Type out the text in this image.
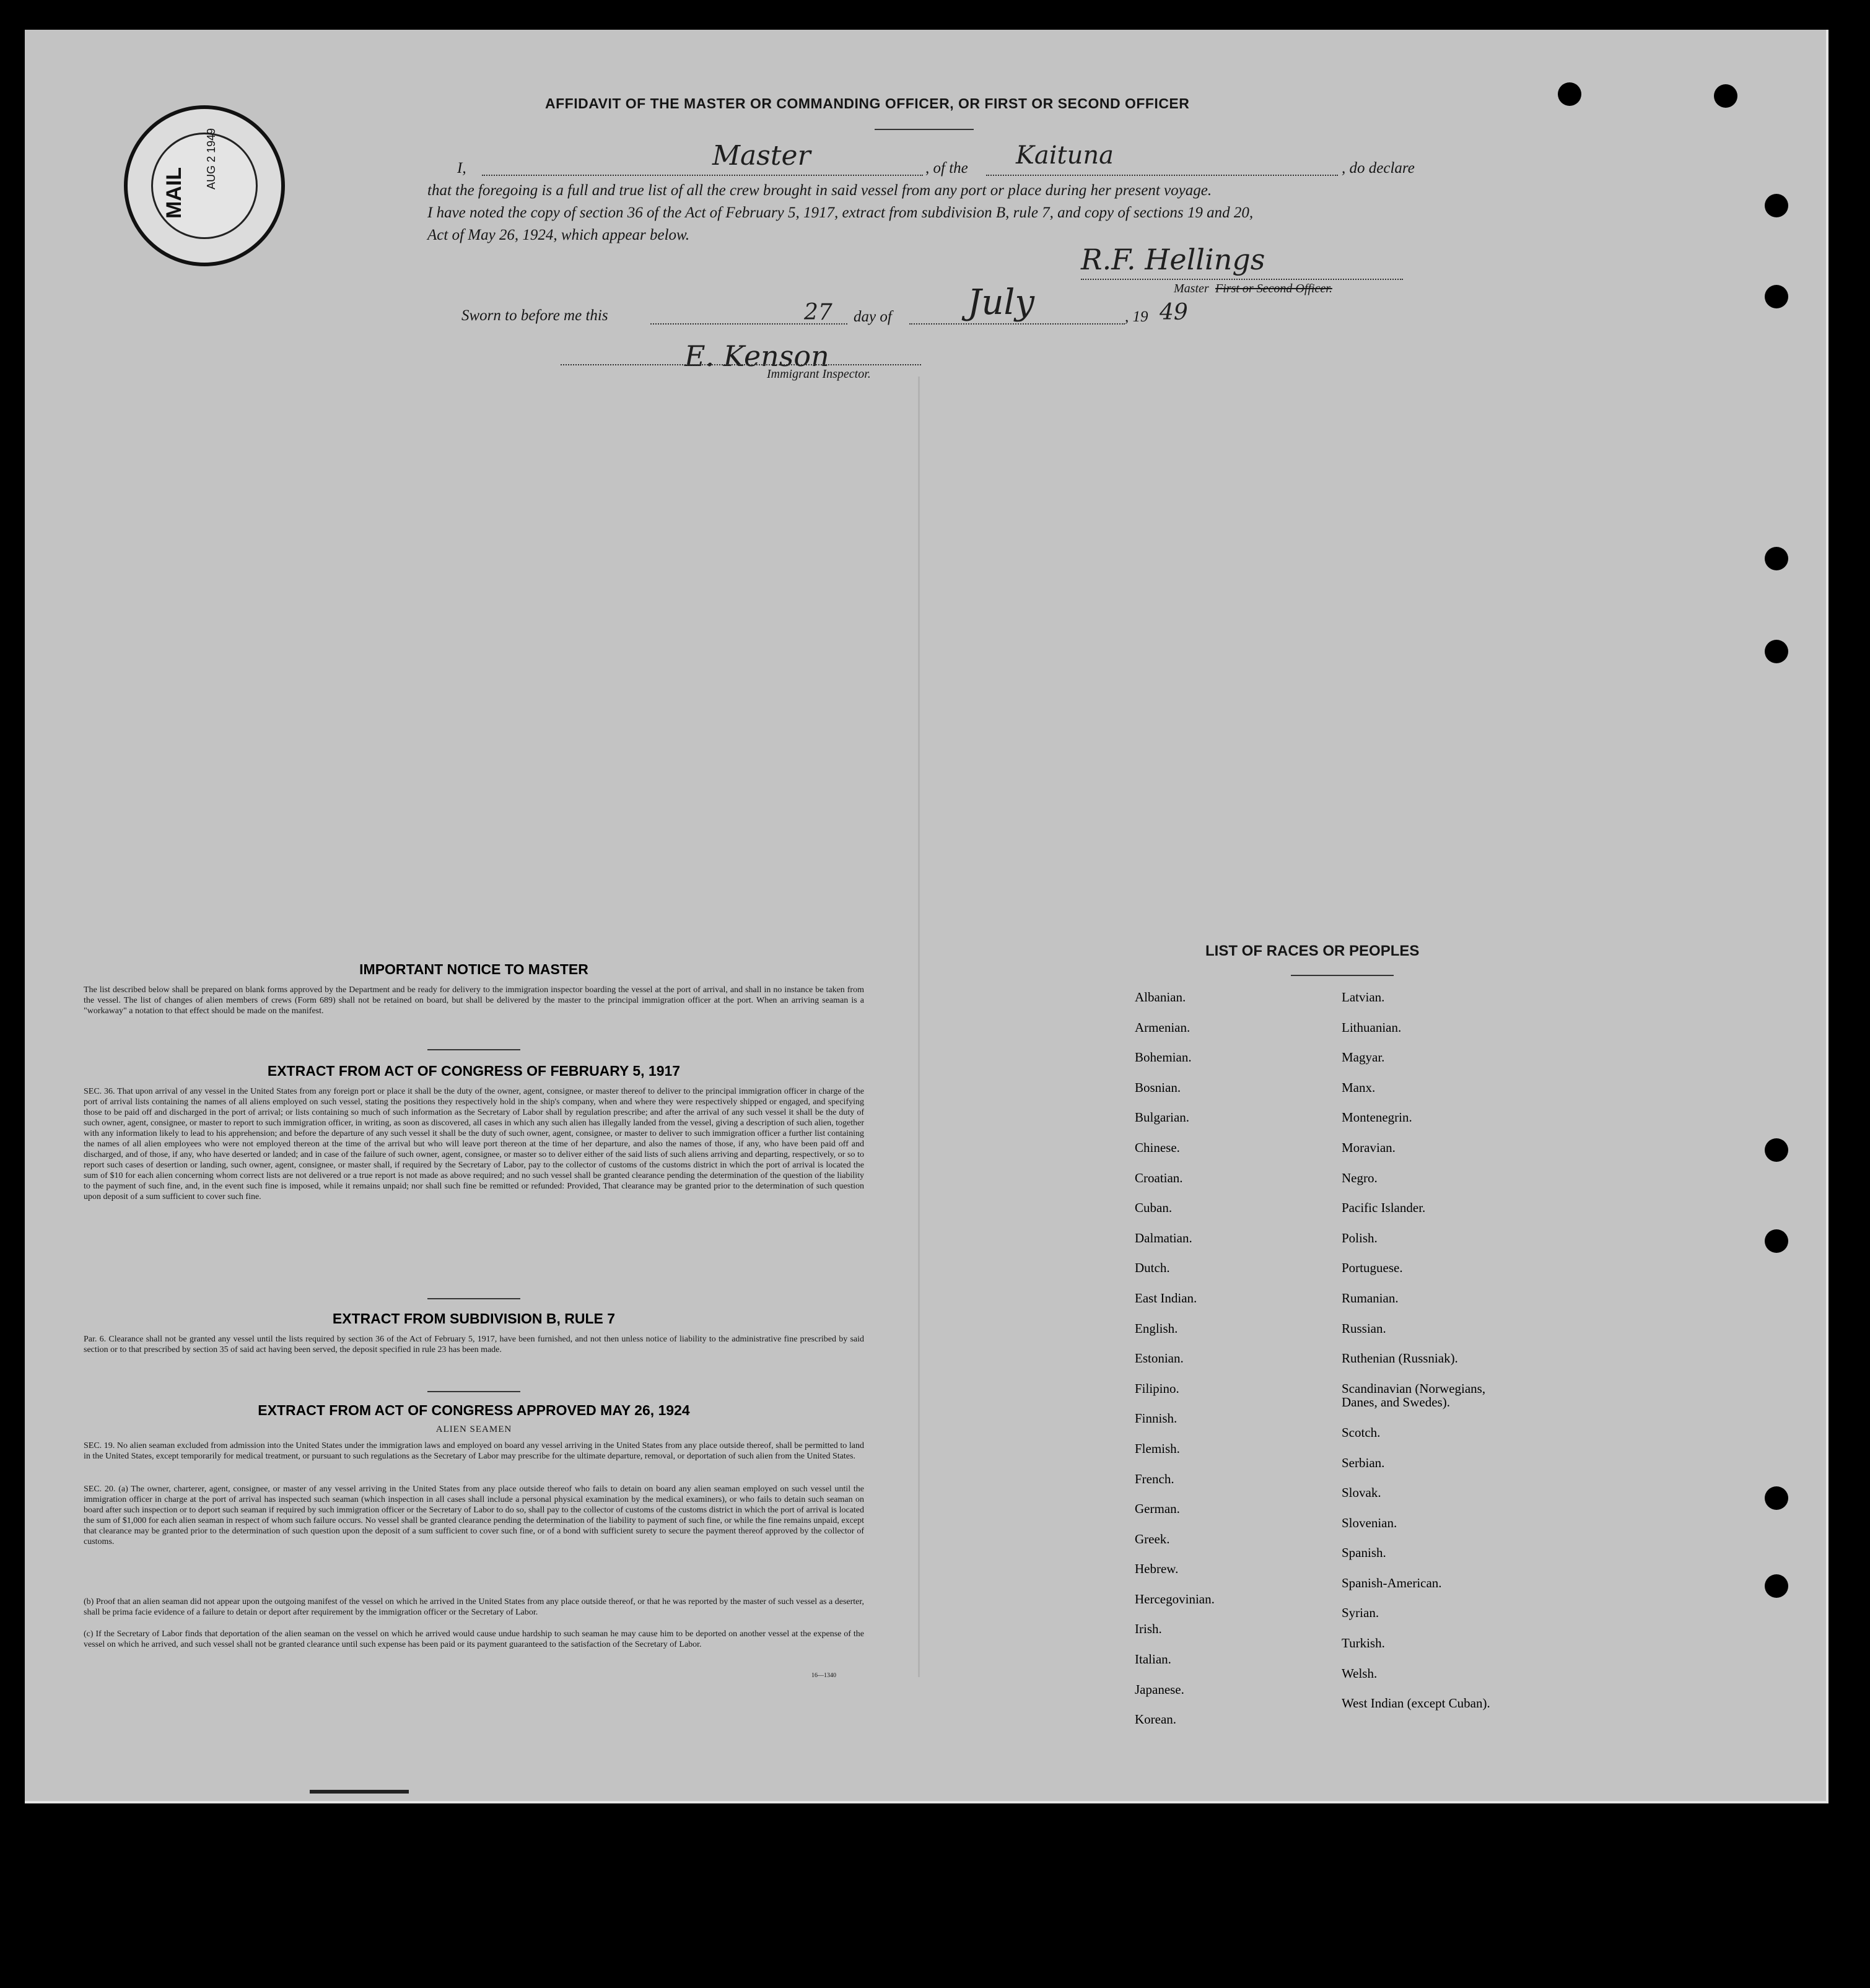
MAIL
AUG 2 1949
AFFIDAVIT OF THE MASTER OR COMMANDING OFFICER, OR FIRST OR SECOND OFFICER
I,	Master	, of the Kaituna	, do declare
that the foregoing is a full and true list of all the crew brought in said vessel from any port or place during her present voyage.
I have noted the copy of section 36 of the Act of February 5, 1917, extract from subdivision B, rule 7, and copy of sections 19 and 20,
Act of May 26, 1924, which appear below.
R.F. Hellings
Master First or Second Officer.
Sworn to before me this	27 day of July	, 19 49
E. Kenson
Immigrant Inspector.
IMPORTANT NOTICE TO MASTER
The list described below shall be prepared on blank forms approved by the Department and be ready for delivery to the immigration inspector boarding the vessel at the port of arrival, and shall in no instance be taken from the vessel. The list of changes of alien members of crews (Form 689) shall not be retained on board, but shall be delivered by the master to the principal immigration officer at the port. When an arriving seaman is a "workaway" a notation to that effect should be made on the manifest.
EXTRACT FROM ACT OF CONGRESS OF FEBRUARY 5, 1917
SEC. 36. That upon arrival of any vessel in the United States from any foreign port or place it shall be the duty of the owner, agent, consignee, or master thereof to deliver to the principal immigration officer in charge of the port of arrival lists containing the names of all aliens employed on such vessel, stating the positions they respectively hold in the ship's company, when and where they were respectively shipped or engaged, and specifying those to be paid off and discharged in the port of arrival; or lists containing so much of such information as the Secretary of Labor shall by regulation prescribe; and after the arrival of any such vessel it shall be the duty of such owner, agent, consignee, or master to report to such immigration officer, in writing, as soon as discovered, all cases in which any such alien has illegally landed from the vessel, giving a description of such alien, together with any information likely to lead to his apprehension; and before the departure of any such vessel it shall be the duty of such owner, agent, consignee, or master to deliver to such immigration officer a further list containing the names of all alien employees who were not employed thereon at the time of the arrival but who will leave port thereon at the time of her departure, and also the names of those, if any, who have been paid off and discharged, and of those, if any, who have deserted or landed; and in case of the failure of such owner, agent, consignee, or master so to deliver either of the said lists of such aliens arriving and departing, respectively, or so to report such cases of desertion or landing, such owner, agent, consignee, or master shall, if required by the Secretary of Labor, pay to the collector of customs of the customs district in which the port of arrival is located the sum of $10 for each alien concerning whom correct lists are not delivered or a true report is not made as above required; and no such vessel shall be granted clearance pending the determination of the question of the liability to the payment of such fine, and, in the event such fine is imposed, while it remains unpaid; nor shall such fine be remitted or refunded: Provided, That clearance may be granted prior to the determination of such question upon deposit of a sum sufficient to cover such fine.
EXTRACT FROM SUBDIVISION B, RULE 7
Par. 6. Clearance shall not be granted any vessel until the lists required by section 36 of the Act of February 5, 1917, have been furnished, and not then unless notice of liability to the administrative fine prescribed by said section or to that prescribed by section 35 of said act having been served, the deposit specified in rule 23 has been made.
EXTRACT FROM ACT OF CONGRESS APPROVED MAY 26, 1924
ALIEN SEAMEN
SEC. 19. No alien seaman excluded from admission into the United States under the immigration laws and employed on board any vessel arriving in the United States from any place outside thereof, shall be permitted to land in the United States, except temporarily for medical treatment, or pursuant to such regulations as the Secretary of Labor may prescribe for the ultimate departure, removal, or deportation of such alien from the United States.
SEC. 20. (a) The owner, charterer, agent, consignee, or master of any vessel arriving in the United States from any place outside thereof who fails to detain on board any alien seaman employed on such vessel until the immigration officer in charge at the port of arrival has inspected such seaman (which inspection in all cases shall include a personal physical examination by the medical examiners), or who fails to detain such seaman on board after such inspection or to deport such seaman if required by such immigration officer or the Secretary of Labor to do so, shall pay to the collector of customs of the customs district in which the port of arrival is located the sum of $1,000 for each alien seaman in respect of whom such failure occurs. No vessel shall be granted clearance pending the determination of the liability to payment of such fine, or while the fine remains unpaid, except that clearance may be granted prior to the determination of such question upon the deposit of a sum sufficient to cover such fine, or of a bond with sufficient surety to secure the payment thereof approved by the collector of customs.
(b) Proof that an alien seaman did not appear upon the outgoing manifest of the vessel on which he arrived in the United States from any place outside thereof, or that he was reported by the master of such vessel as a deserter, shall be prima facie evidence of a failure to detain or deport after requirement by the immigration officer or the Secretary of Labor.
(c) If the Secretary of Labor finds that deportation of the alien seaman on the vessel on which he arrived would cause undue hardship to such seaman he may cause him to be deported on another vessel at the expense of the vessel on which he arrived, and such vessel shall not be granted clearance until such expense has been paid or its payment guaranteed to the satisfaction of the Secretary of Labor.
16—1340
LIST OF RACES OR PEOPLES
Albanian.
Armenian.
Bohemian.
Bosnian.
Bulgarian.
Chinese.
Croatian.
Cuban.
Dalmatian.
Dutch.
East Indian.
English.
Estonian.
Filipino.
Finnish.
Flemish.
French.
German.
Greek.
Hebrew.
Hercegovinian.
Irish.
Italian.
Japanese.
Korean.
Latvian.
Lithuanian.
Magyar.
Manx.
Montenegrin.
Moravian.
Negro.
Pacific Islander.
Polish.
Portuguese.
Rumanian.
Russian.
Ruthenian (Russniak).
Scandinavian (Norwegians,
Danes, and Swedes).
Scotch.
Serbian.
Slovak.
Slovenian.
Spanish.
Spanish-American.
Syrian.
Turkish.
Welsh.
West Indian (except Cuban).
